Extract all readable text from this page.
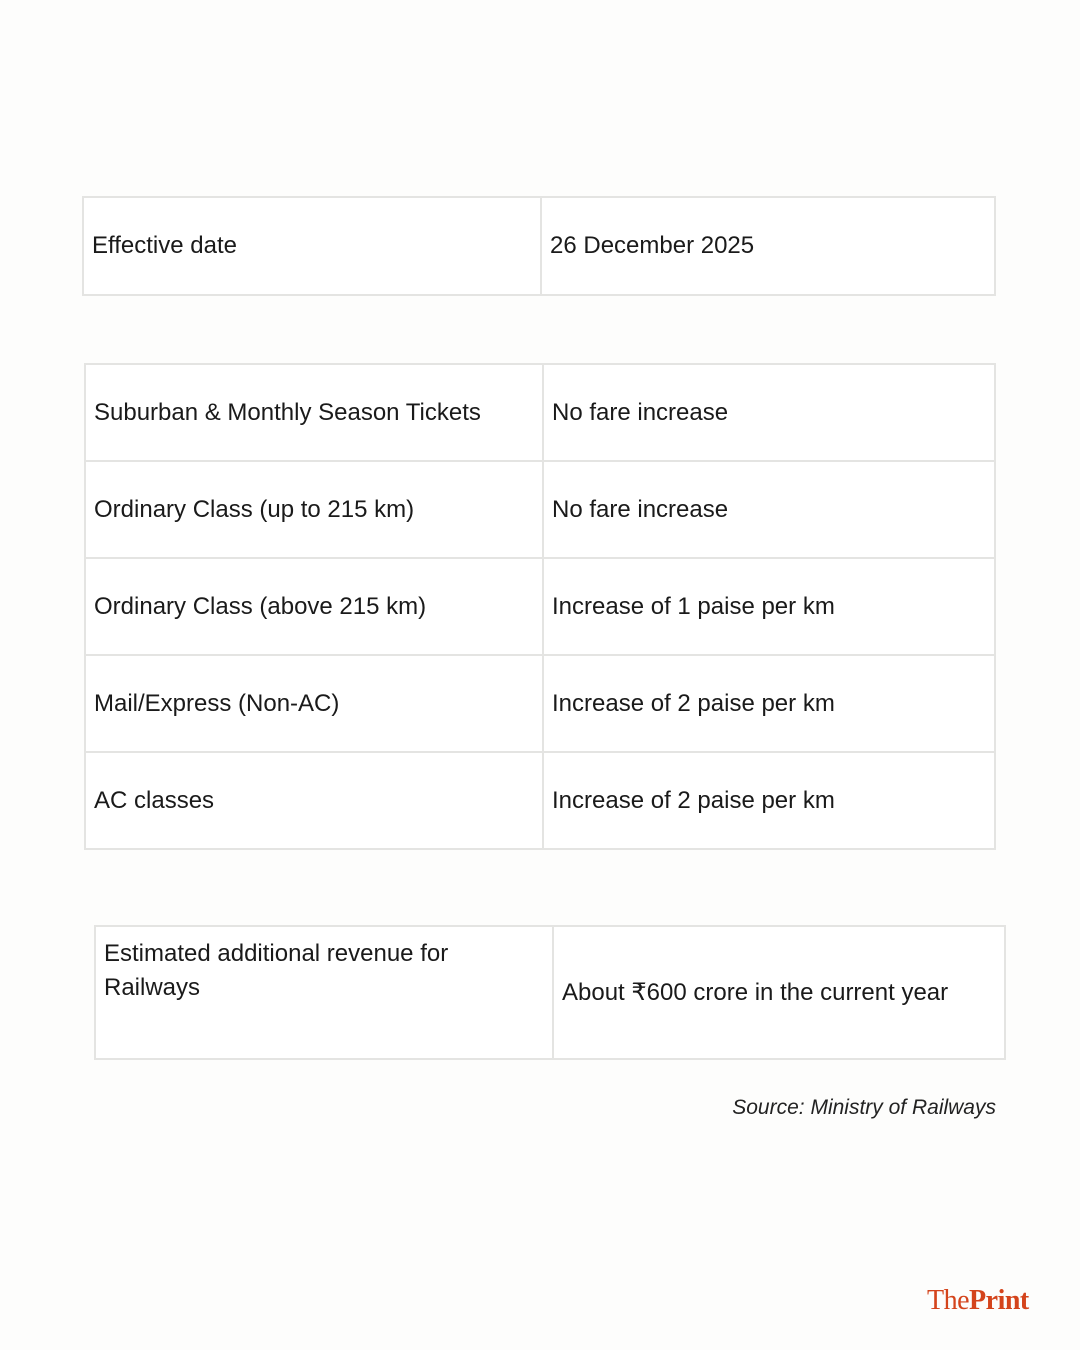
Effective date	26 December 2025
Suburban & Monthly Season Tickets	No fare increase
Ordinary Class (up to 215 km)	No fare increase
Ordinary Class (above 215 km)	Increase of 1 paise per km
Mail/Express (Non-AC)	Increase of 2 paise per km
AC classes	Increase of 2 paise per km
Estimated additional revenue for Railways	About ₹600 crore in the current year
Source: Ministry of Railways
ThePrint
